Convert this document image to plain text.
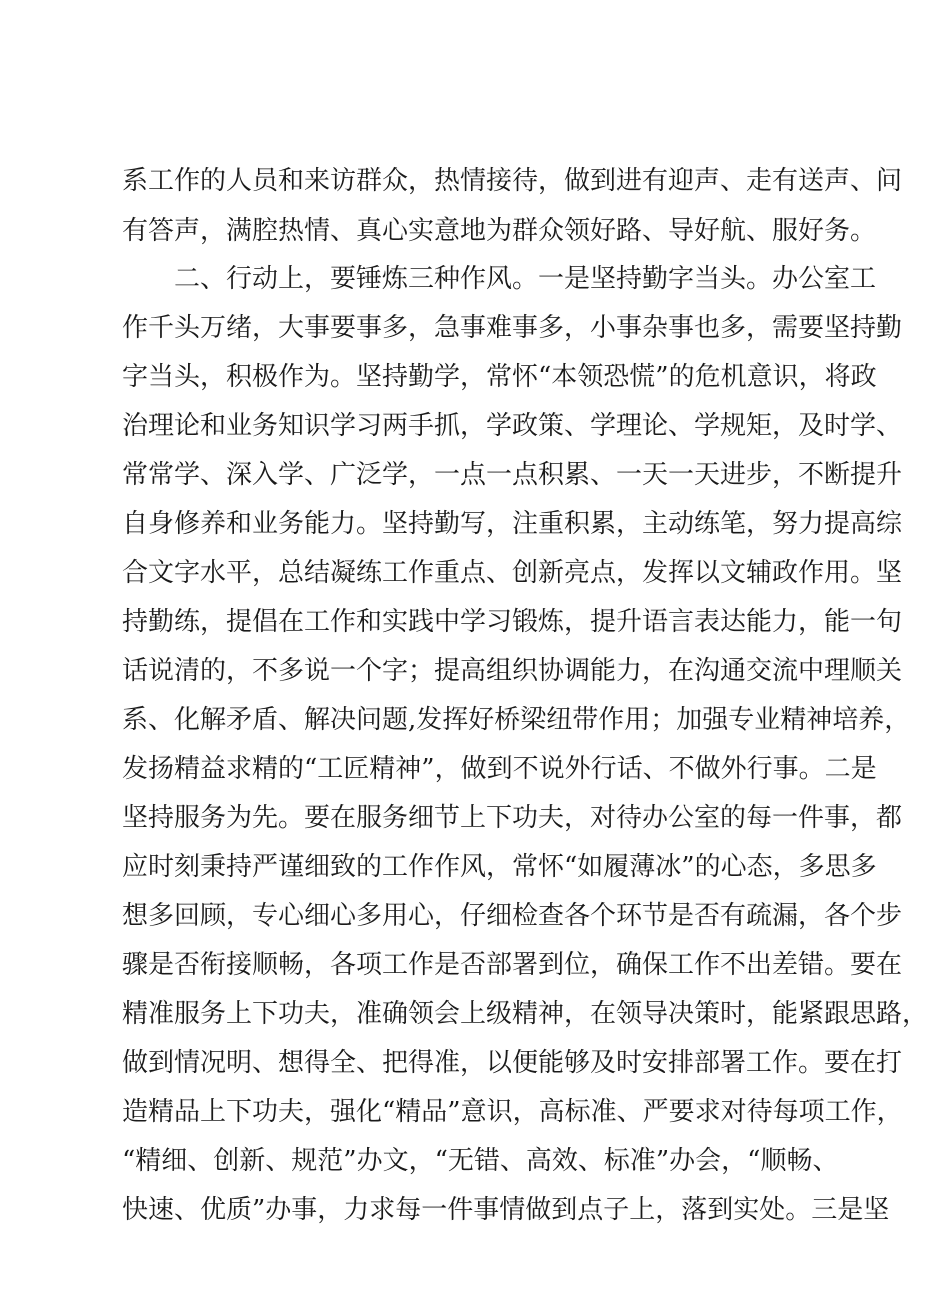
系工作的人员和来访群众，热情接待，做到进有迎声、走有送声、问
有答声，满腔热情、真心实意地为群众领好路、导好航、服好务。
二、行动上，要锤炼三种作风。一是坚持勤字当头。办公室工
作千头万绪，大事要事多，急事难事多，小事杂事也多，需要坚持勤
字当头，积极作为。坚持勤学，常怀“本领恐慌”的危机意识，将政
治理论和业务知识学习两手抓，学政策、学理论、学规矩，及时学、
常常学、深入学、广泛学，一点一点积累、一天一天进步，不断提升
自身修养和业务能力。坚持勤写，注重积累，主动练笔，努力提高综
合文字水平，总结凝练工作重点、创新亮点，发挥以文辅政作用。坚
持勤练，提倡在工作和实践中学习锻炼，提升语言表达能力，能一句
话说清的，不多说一个字；提高组织协调能力，在沟通交流中理顺关
系、化解矛盾、解决问题,发挥好桥梁纽带作用；加强专业精神培养，
发扬精益求精的“工匠精神”，做到不说外行话、不做外行事。二是
坚持服务为先。要在服务细节上下功夫，对待办公室的每一件事，都
应时刻秉持严谨细致的工作作风，常怀“如履薄冰”的心态，多思多
想多回顾，专心细心多用心，仔细检查各个环节是否有疏漏，各个步
骤是否衔接顺畅，各项工作是否部署到位，确保工作不出差错。要在
精准服务上下功夫，准确领会上级精神，在领导决策时，能紧跟思路，
做到情况明、想得全、把得准，以便能够及时安排部署工作。要在打
造精品上下功夫，强化“精品”意识，高标准、严要求对待每项工作，
“精细、创新、规范”办文，“无错、高效、标准”办会，“顺畅、
快速、优质”办事，力求每一件事情做到点子上，落到实处。三是坚
